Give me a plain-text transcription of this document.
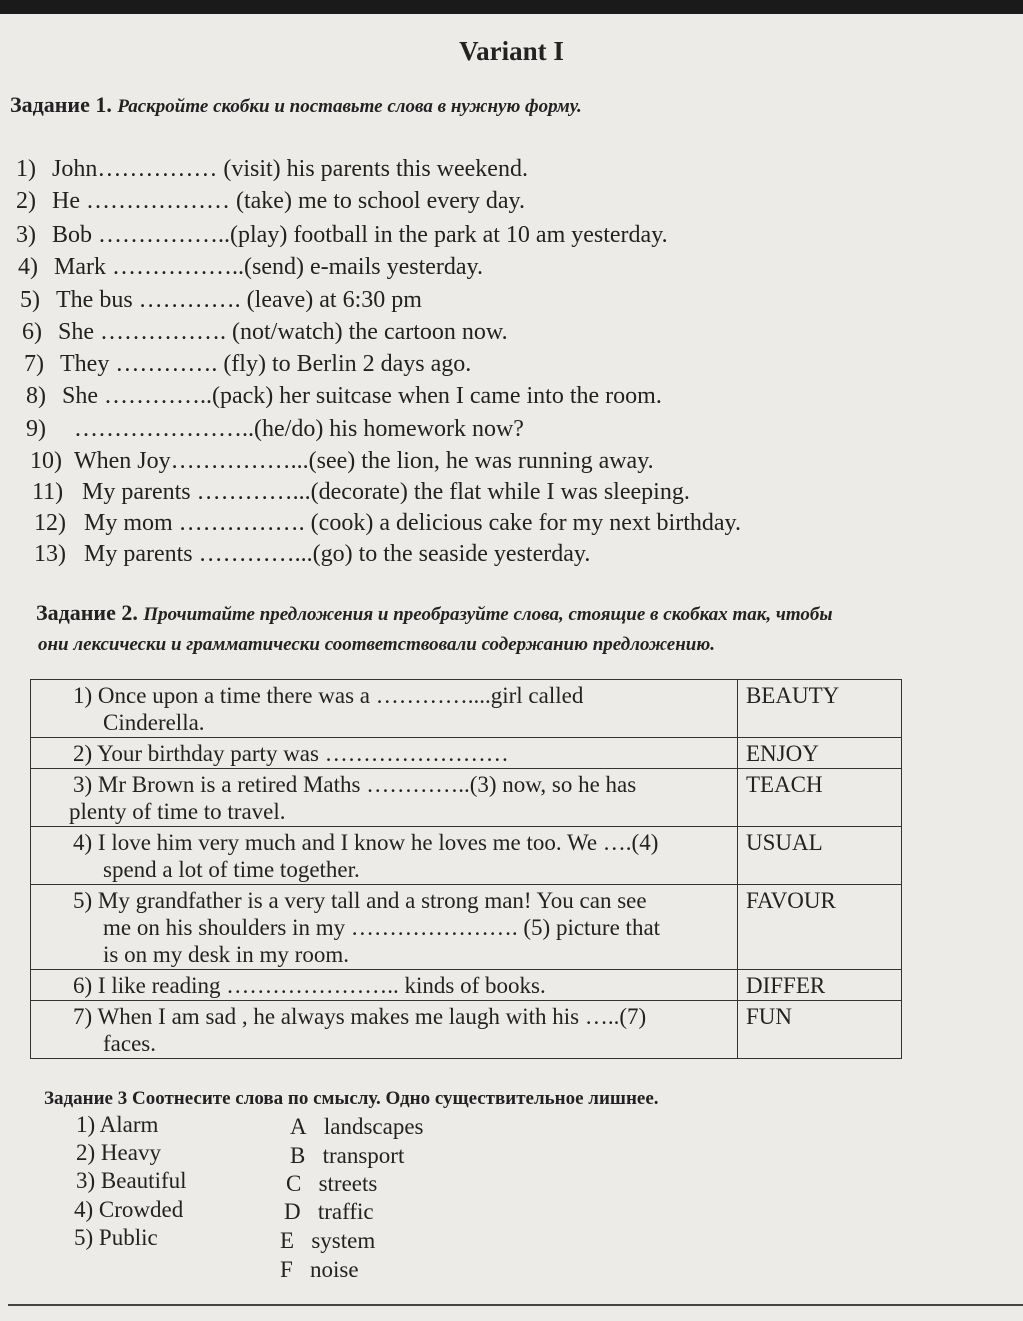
Variant I
Задание 1. Раскройте скобки и поставьте слова в нужную форму.
1) John…………… (visit) his parents this weekend.
2) He ……………… (take) me to school every day.
3) Bob ……………..(play) football in the park at 10 am yesterday.
4) Mark ……………..(send) e-mails yesterday.
5) The bus …………. (leave) at 6:30 pm
6) She ……………. (not/watch) the cartoon now.
7) They …………. (fly) to Berlin 2 days ago.
8) She …………..(pack) her suitcase when I came into the room.
9) …………………..(he/do) his homework now?
10) When Joy……………...(see) the lion, he was running away.
11) My parents …………...(decorate) the flat while I was sleeping.
12) My mom ……………. (cook) a delicious cake for my next birthday.
13) My parents …………...(go) to the seaside yesterday.
Задание 2. Прочитайте предложения и преобразуйте слова, стоящие в скобках так, чтобы
они лексически и грамматически соответствовали содержанию предложению.
1) Once upon a time there was a …………....girl called
Cinderella.	BEAUTY
2) Your birthday party was ……………………	ENJOY
3) Mr Brown is a retired Maths …………..(3) now, so he has
plenty of time to travel.	TEACH
4) I love him very much and I know he loves me too. We ….(4)
spend a lot of time together.	USUAL
5) My grandfather is a very tall and a strong man! You can see
me on his shoulders in my …………………. (5) picture that
is on my desk in my room.	FAVOUR
6) I like reading ………………….. kinds of books.	DIFFER
7) When I am sad , he always makes me laugh with his …..(7)
faces.	FUN
Задание 3 Соотнесите слова по смыслу. Одно существительное лишнее.
1) Alarm
2) Heavy
3) Beautiful
4) Crowded
5) Public
A landscapes
B transport
C streets
D traffic
E system
F noise
